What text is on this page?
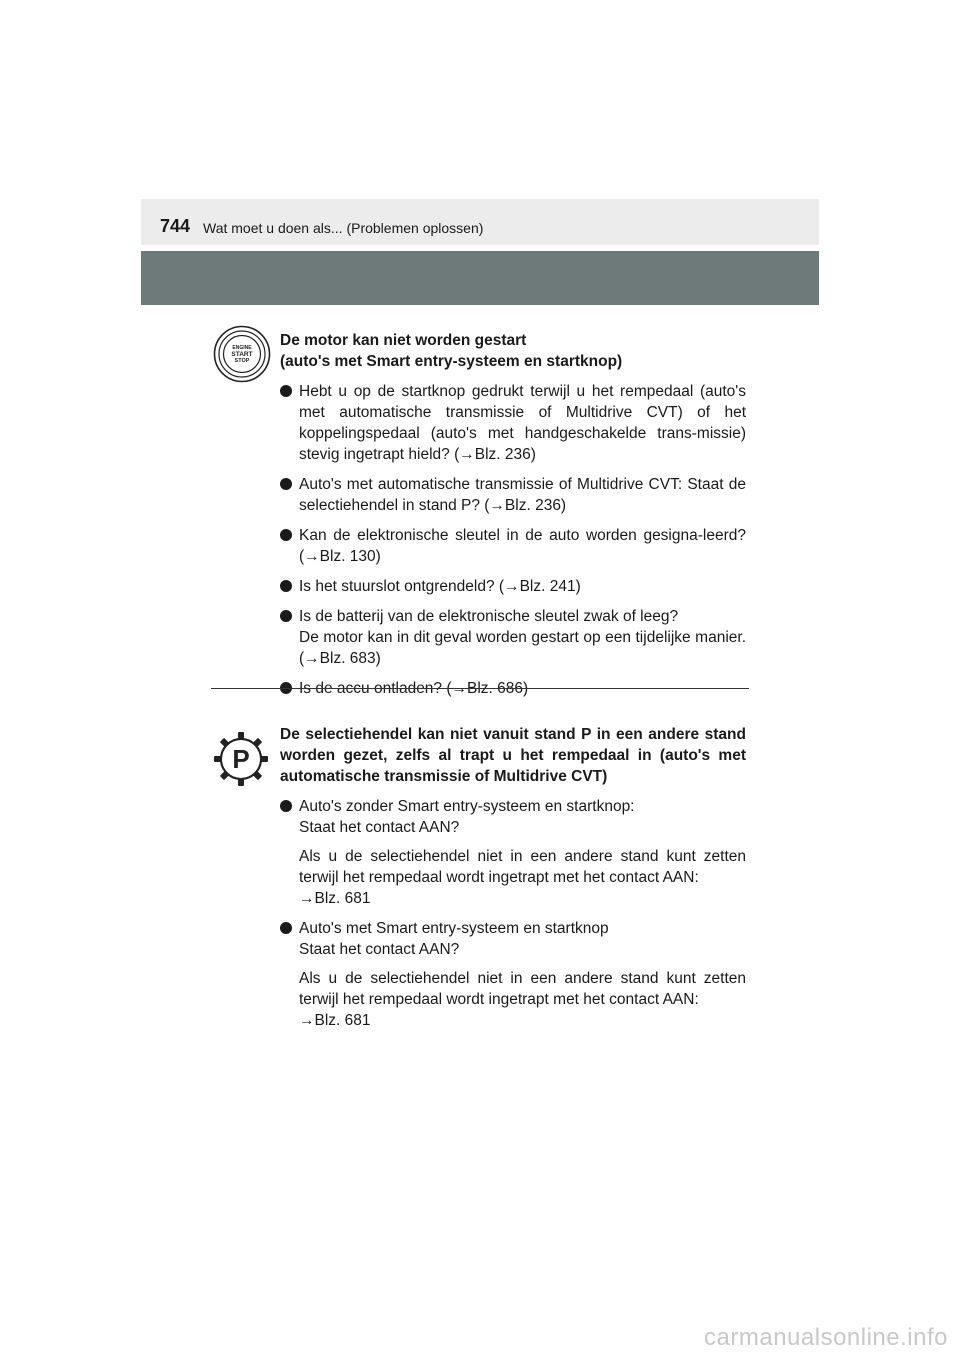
744 Wat moet u doen als... (Problemen oplossen)
ENGINE
START
STOP
De motor kan niet worden gestart
(auto's met Smart entry-systeem en startknop)

Hebt u op de startknop gedrukt terwijl u het rempedaal (auto's met automatische transmissie of Multidrive CVT) of het koppelingspedaal (auto's met handgeschakelde trans-missie) stevig ingetrapt hield? (→Blz. 236)

Auto's met automatische transmissie of Multidrive CVT: Staat de selectiehendel in stand P? (→Blz. 236)

Kan de elektronische sleutel in de auto worden gesigna-leerd? (→Blz. 130)

Is het stuurslot ontgrendeld? (→Blz. 241)

Is de batterij van de elektronische sleutel zwak of leeg?

De motor kan in dit geval worden gestart op een tijdelijke manier. (→Blz. 683)

Is de accu ontladen? (→Blz. 686)

P

De selectiehendel kan niet vanuit stand P in een andere stand worden gezet, zelfs al trapt u het rempedaal in (auto's met automatische transmissie of Multidrive CVT)

Auto's zonder Smart entry-systeem en startknop:

Staat het contact AAN?

Als u de selectiehendel niet in een andere stand kunt zetten terwijl het rempedaal wordt ingetrapt met het contact AAN:

→Blz. 681

Auto's met Smart entry-systeem en startknop

Staat het contact AAN?

Als u de selectiehendel niet in een andere stand kunt zetten terwijl het rempedaal wordt ingetrapt met het contact AAN:

→Blz. 681

carmanualsonline.info
